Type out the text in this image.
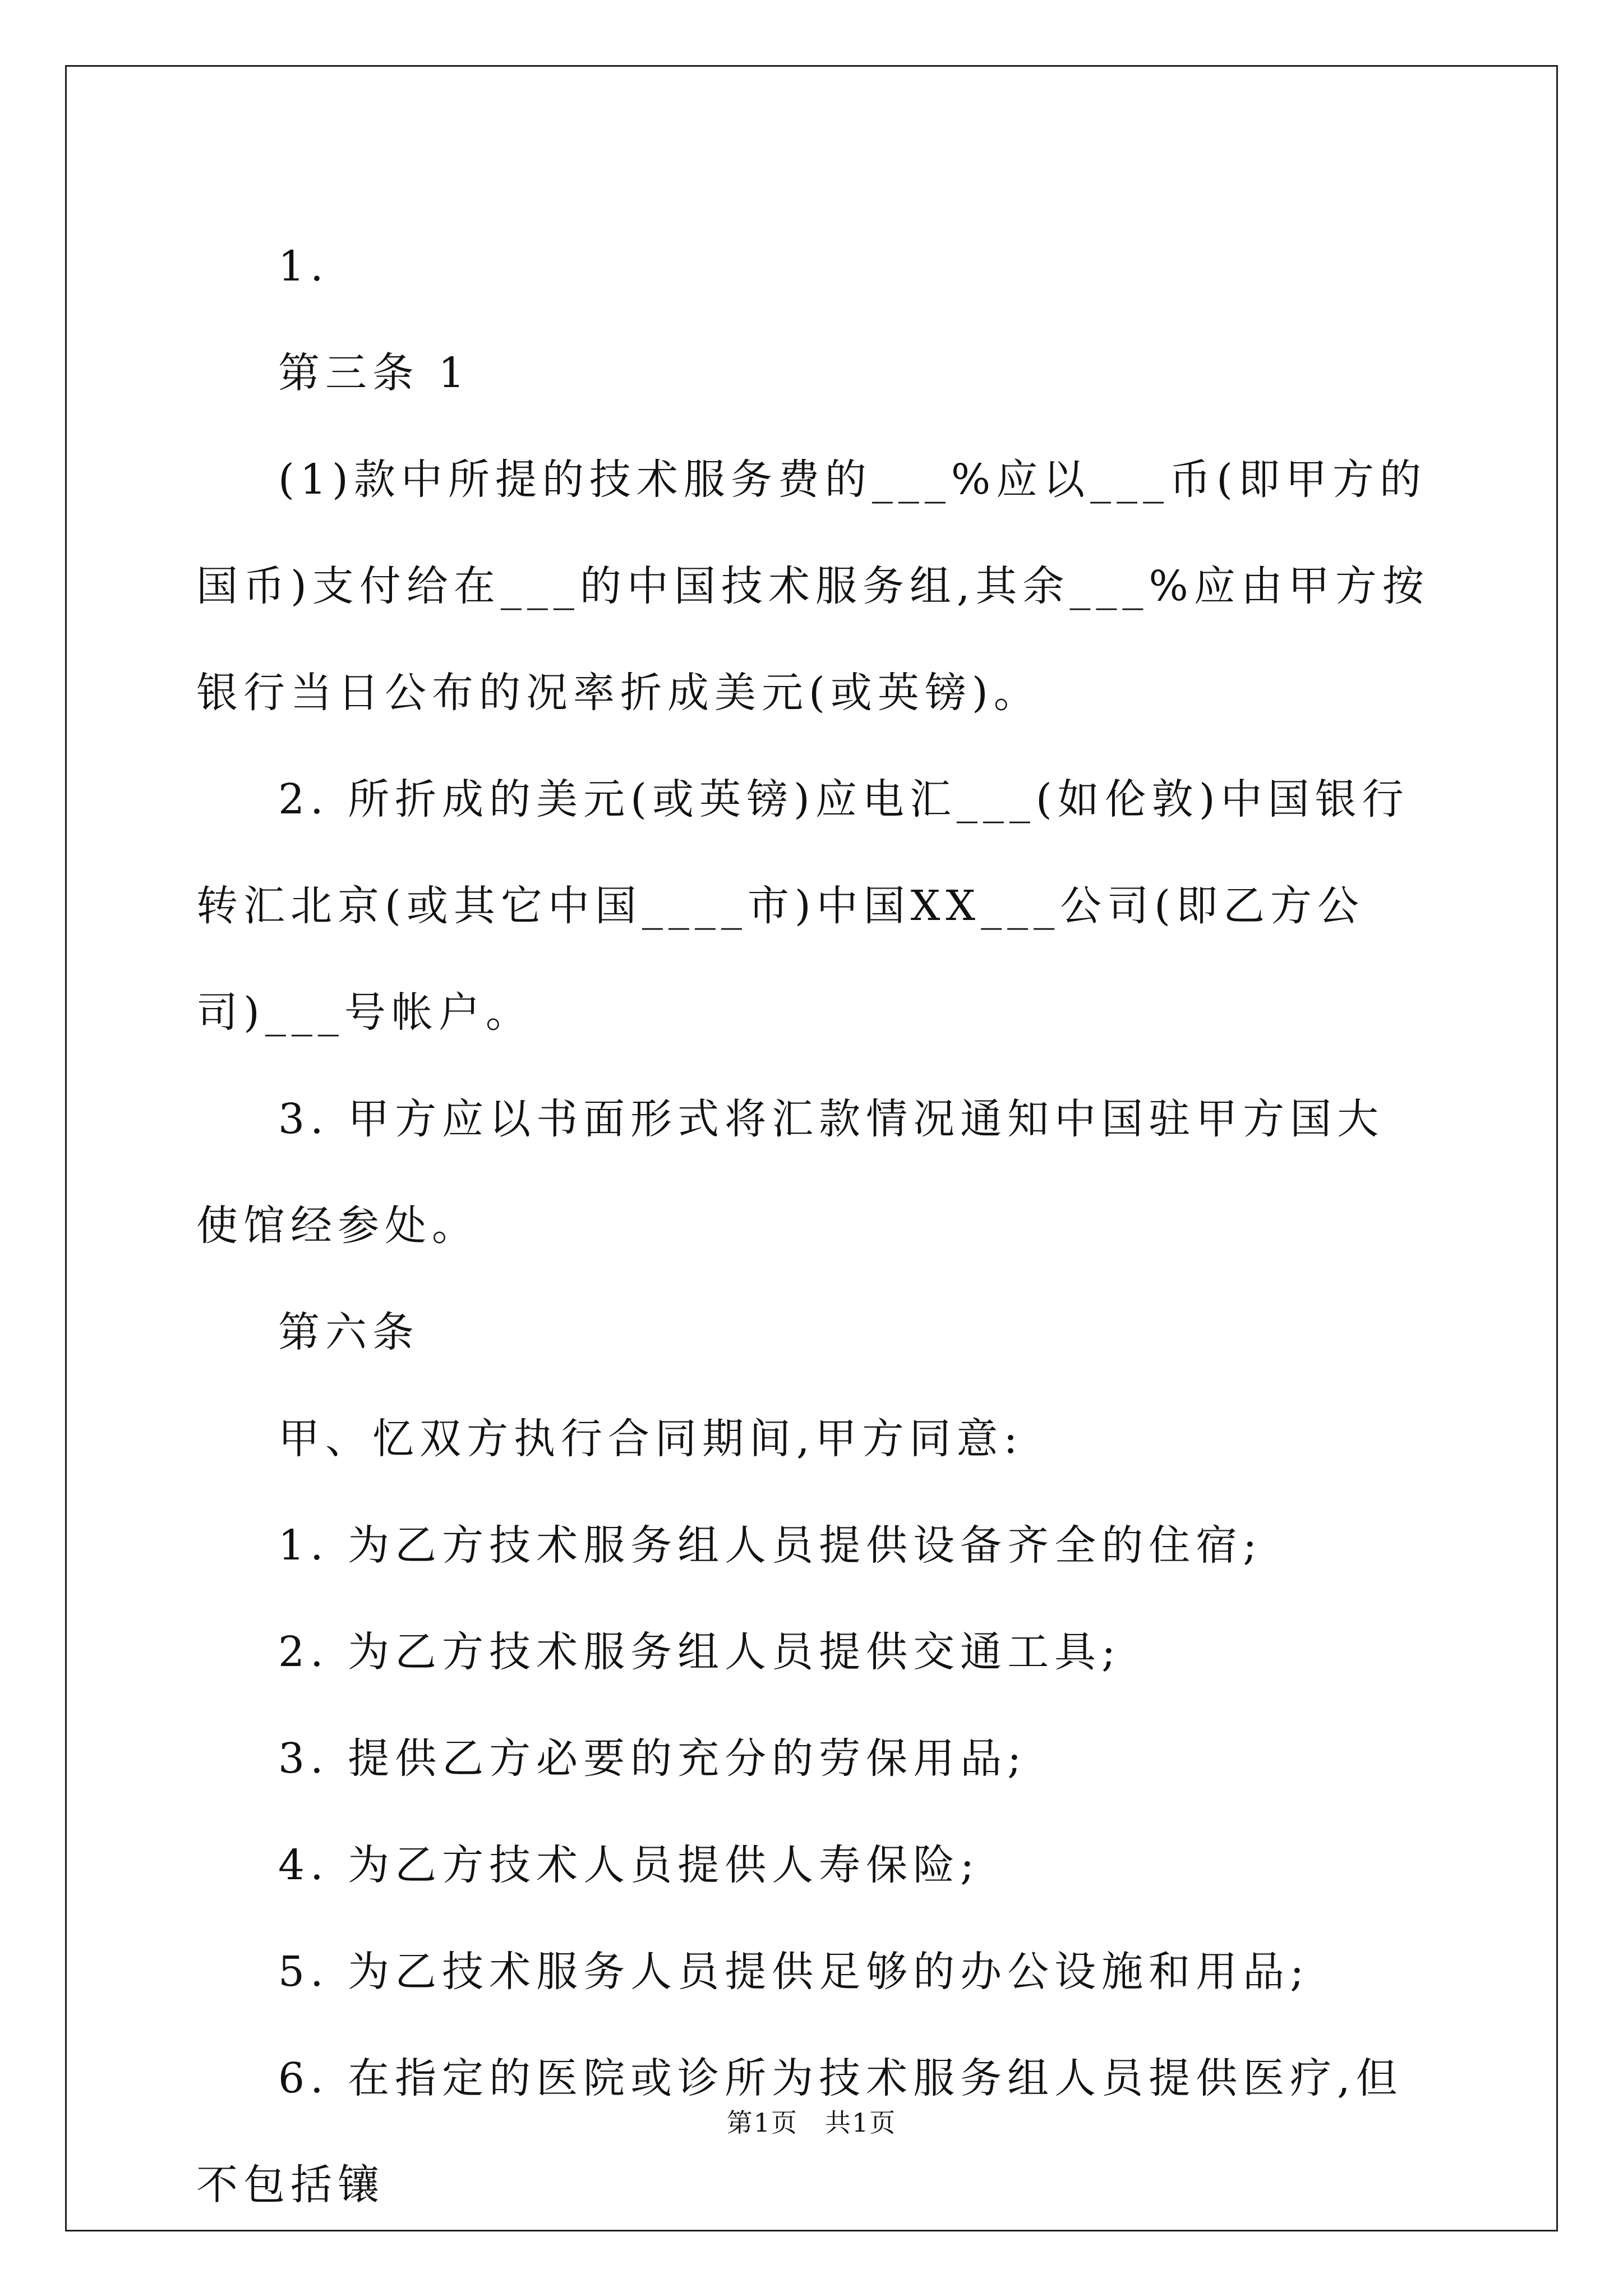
1.

第三条 1

(1)款中所提的技术服务费的___%应以___币(即甲方的国币)支付给在___的中国技术服务组,其余___%应由甲方按银行当日公布的况率折成美元(或英镑)。

2. 所折成的美元(或英镑)应电汇___(如伦敦)中国银行转汇北京(或其它中国____市)中国XX___公司(即乙方公司)___号帐户。

3. 甲方应以书面形式将汇款情况通知中国驻甲方国大使馆经参处。

第六条

甲、忆双方执行合同期间,甲方同意:

1. 为乙方技术服务组人员提供设备齐全的住宿;

2. 为乙方技术服务组人员提供交通工具;

3. 提供乙方必要的充分的劳保用品;

4. 为乙方技术人员提供人寿保险;

5. 为乙技术服务人员提供足够的办公设施和用品;

6. 在指定的医院或诊所为技术服务组人员提供医疗,但不包括镶

第1页　共1页
